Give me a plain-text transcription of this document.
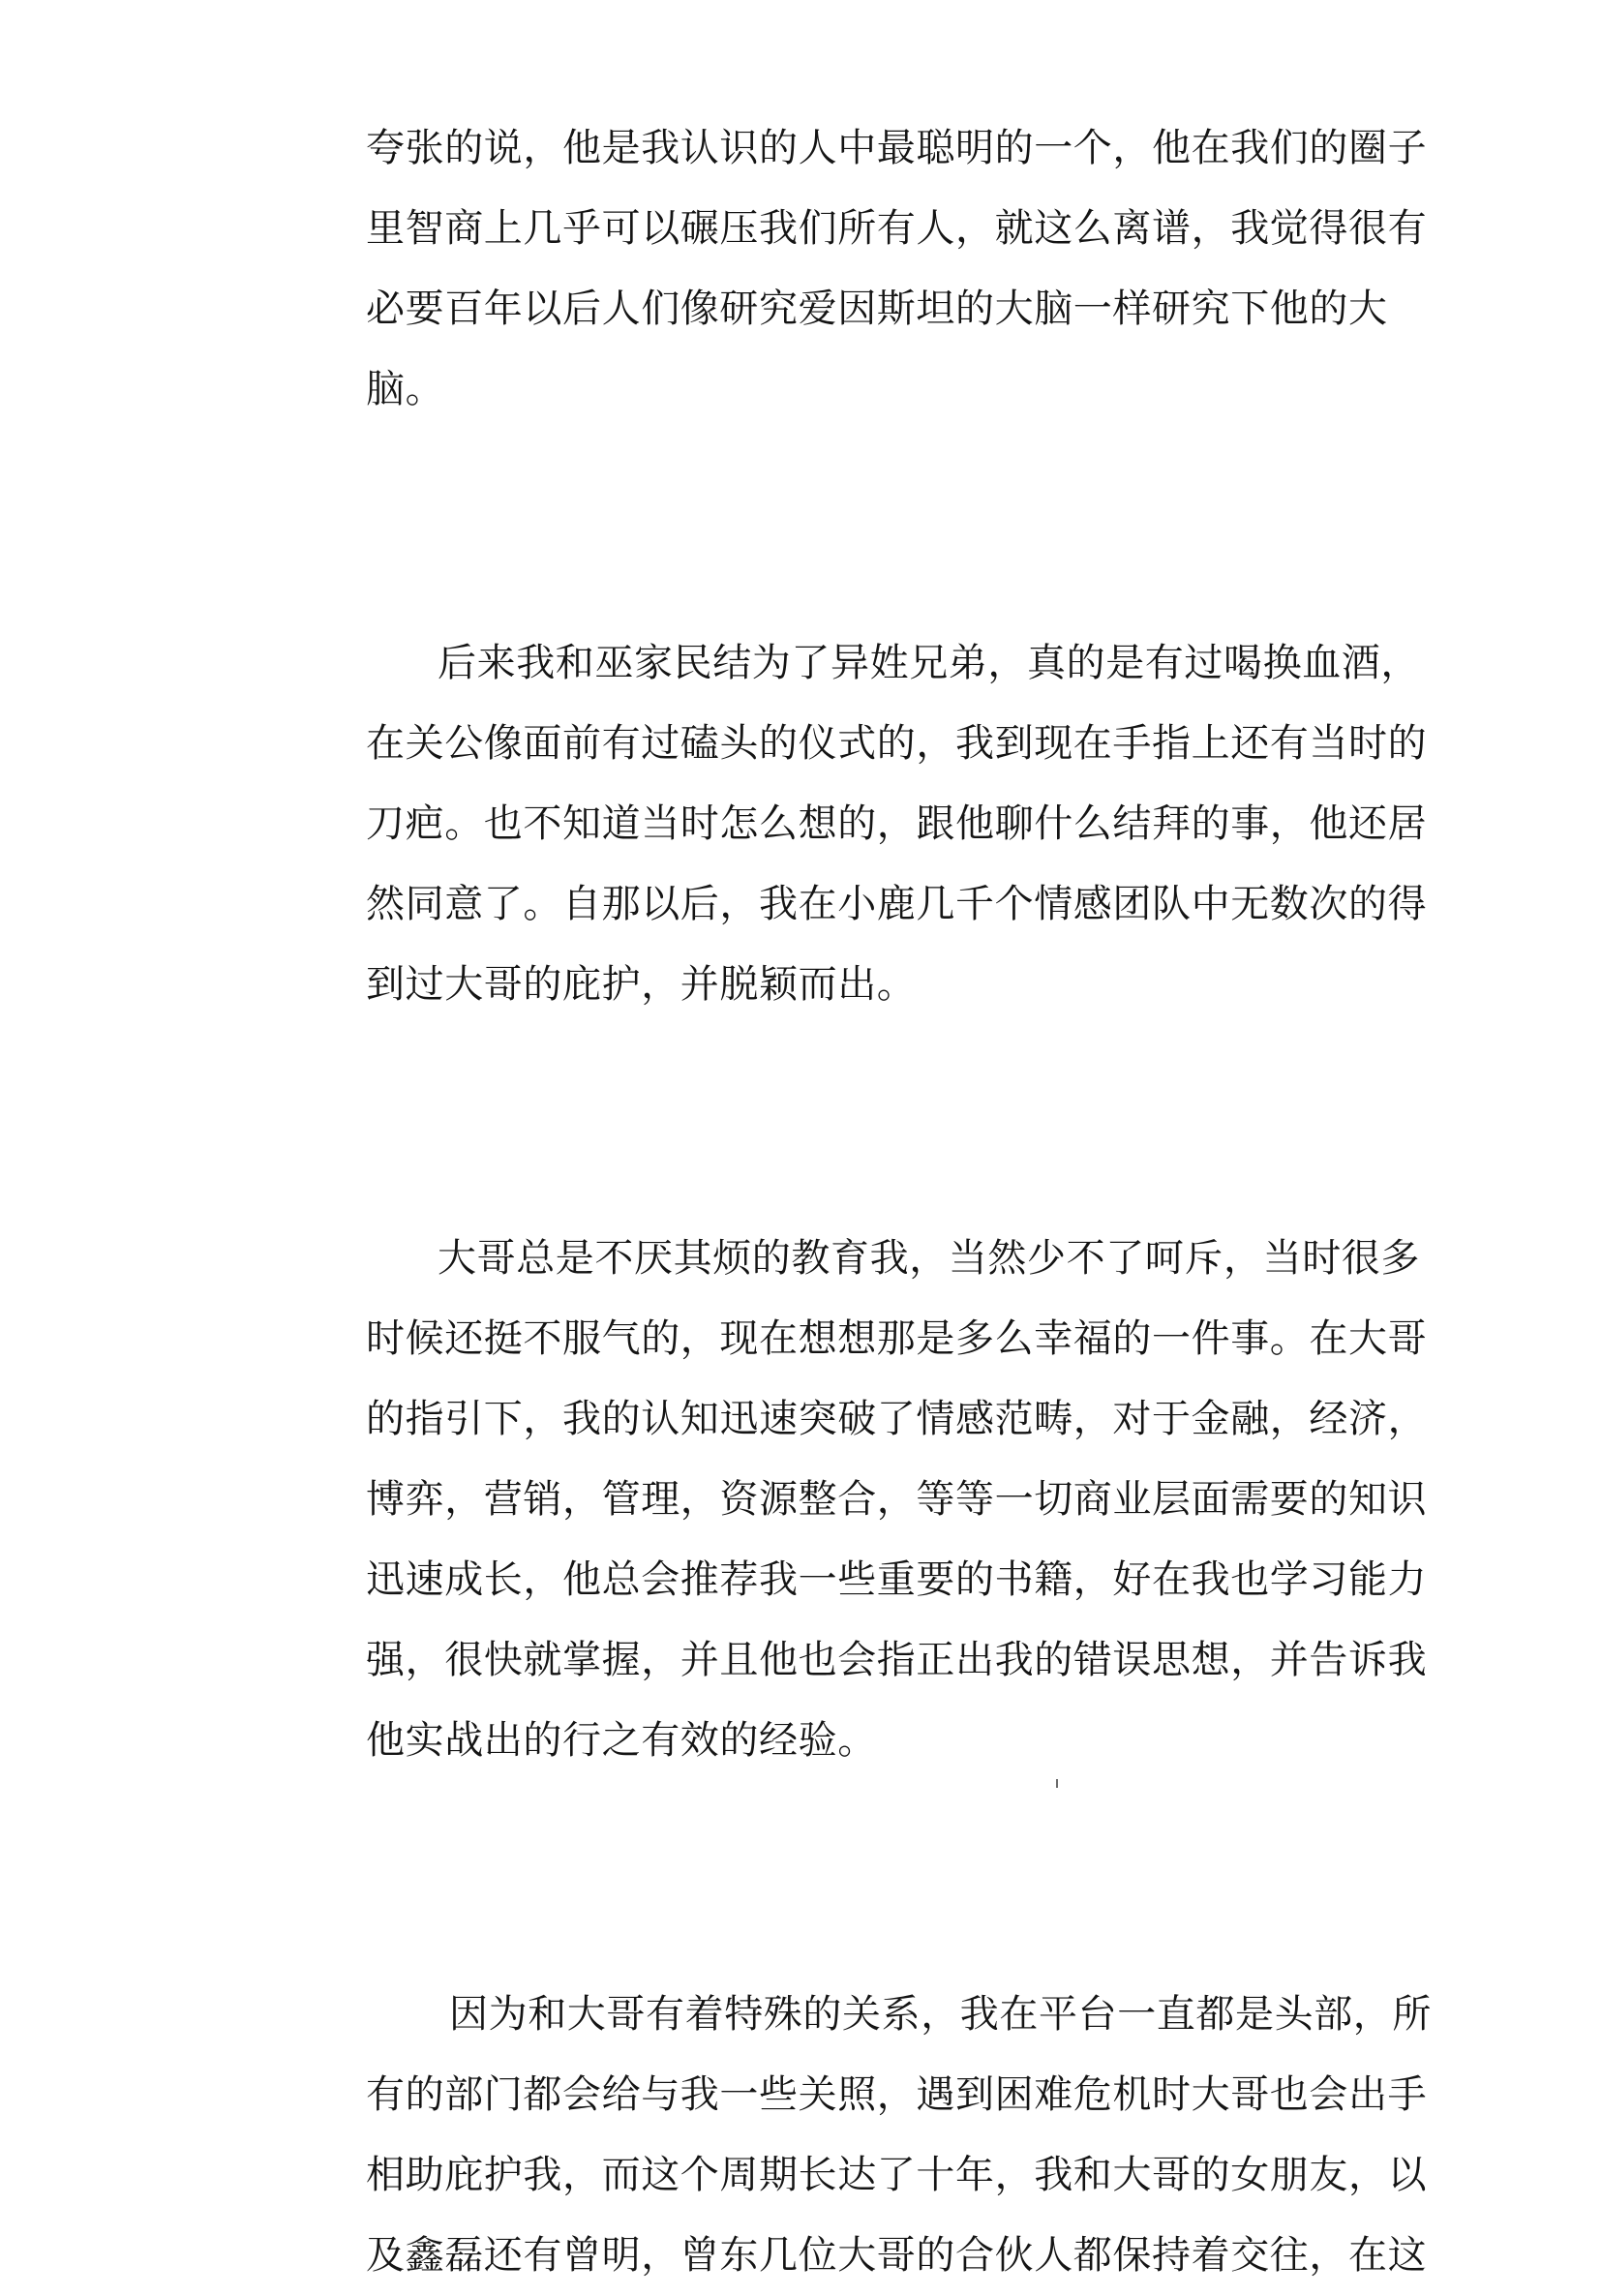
夸张的说，他是我认识的人中最聪明的一个，他在我们的圈子

里智商上几乎可以碾压我们所有人，就这么离谱，我觉得很有

必要百年以后人们像研究爱因斯坦的大脑一样研究下他的大

脑。

后来我和巫家民结为了异姓兄弟，真的是有过喝换血酒，

在关公像面前有过磕头的仪式的，我到现在手指上还有当时的

刀疤。也不知道当时怎么想的，跟他聊什么结拜的事，他还居

然同意了。自那以后，我在小鹿几千个情感团队中无数次的得

到过大哥的庇护，并脱颖而出。

大哥总是不厌其烦的教育我，当然少不了呵斥，当时很多

时候还挺不服气的，现在想想那是多么幸福的一件事。在大哥

的指引下，我的认知迅速突破了情感范畴，对于金融，经济，

博弈，营销，管理，资源整合，等等一切商业层面需要的知识

迅速成长，他总会推荐我一些重要的书籍，好在我也学习能力

强，很快就掌握，并且他也会指正出我的错误思想，并告诉我

他实战出的行之有效的经验。

因为和大哥有着特殊的关系，我在平台一直都是头部，所

有的部门都会给与我一些关照，遇到困难危机时大哥也会出手

相助庇护我，而这个周期长达了十年，我和大哥的女朋友，以

及鑫磊还有曾明，曾东几位大哥的合伙人都保持着交往，在这
